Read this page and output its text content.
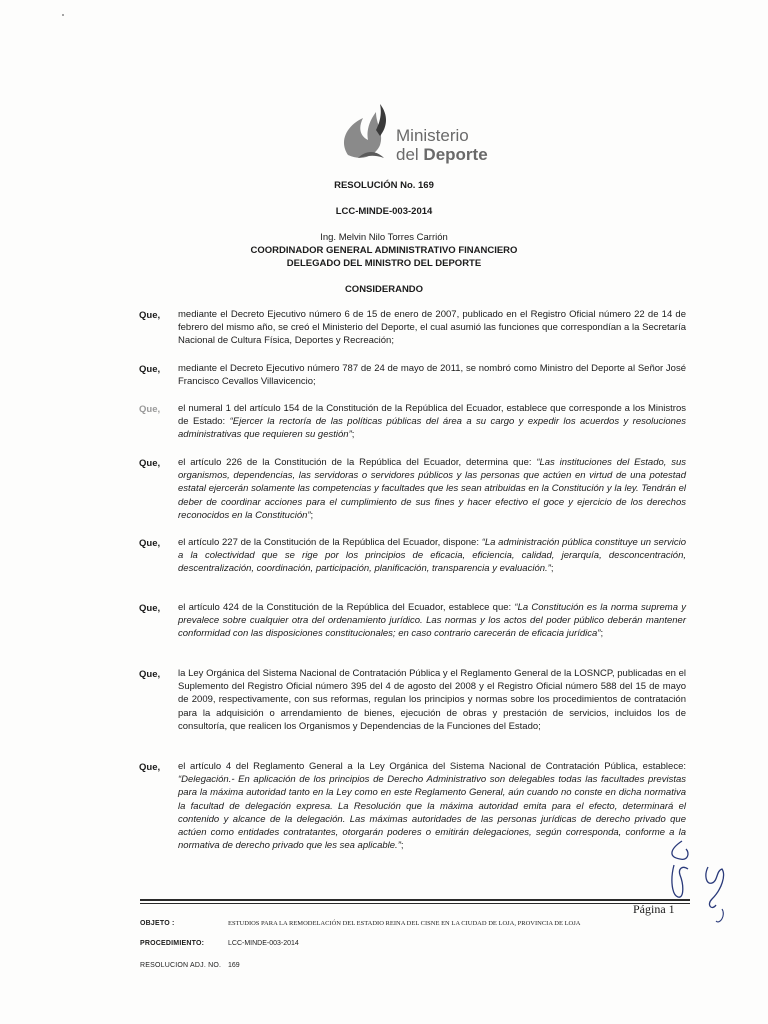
Ministerio
del Deporte
RESOLUCIÓN No. 169
LCC-MINDE-003-2014
Ing. Melvin Nilo Torres Carrión
COORDINADOR GENERAL ADMINISTRATIVO FINANCIERO
DELEGADO DEL MINISTRO DEL DEPORTE
CONSIDERANDO
Que, mediante el Decreto Ejecutivo número 6 de 15 de enero de 2007, publicado en el Registro Oficial número 22 de 14 de febrero del mismo año, se creó el Ministerio del Deporte, el cual asumió las funciones que correspondían a la Secretaría Nacional de Cultura Física, Deportes y Recreación;
Que, mediante el Decreto Ejecutivo número 787 de 24 de mayo de 2011, se nombró como Ministro del Deporte al Señor José Francisco Cevallos Villavicencio;
Que, el numeral 1 del artículo 154 de la Constitución de la República del Ecuador, establece que corresponde a los Ministros de Estado: “Ejercer la rectoría de las políticas públicas del área a su cargo y expedir los acuerdos y resoluciones administrativas que requieren su gestión”;
Que, el artículo 226 de la Constitución de la República del Ecuador, determina que: “Las instituciones del Estado, sus organismos, dependencias, las servidoras o servidores públicos y las personas que actúen en virtud de una potestad estatal ejercerán solamente las competencias y facultades que les sean atribuidas en la Constitución y la ley. Tendrán el deber de coordinar acciones para el cumplimiento de sus fines y hacer efectivo el goce y ejercicio de los derechos reconocidos en la Constitución”;
Que, el artículo 227 de la Constitución de la República del Ecuador, dispone: “La administración pública constituye un servicio a la colectividad que se rige por los principios de eficacia, eficiencia, calidad, jerarquía, desconcentración, descentralización, coordinación, participación, planificación, transparencia y evaluación.”;
Que, el artículo 424 de la Constitución de la República del Ecuador, establece que: “La Constitución es la norma suprema y prevalece sobre cualquier otra del ordenamiento jurídico. Las normas y los actos del poder público deberán mantener conformidad con las disposiciones constitucionales; en caso contrario carecerán de eficacia jurídica”;
Que, la Ley Orgánica del Sistema Nacional de Contratación Pública y el Reglamento General de la LOSNCP, publicadas en el Suplemento del Registro Oficial número 395 del 4 de agosto del 2008 y el Registro Oficial número 588 del 15 de mayo de 2009, respectivamente, con sus reformas, regulan los principios y normas sobre los procedimientos de contratación para la adquisición o arrendamiento de bienes, ejecución de obras y prestación de servicios, incluidos los de consultoría, que realicen los Organismos y Dependencias de la Funciones del Estado;
Que, el artículo 4 del Reglamento General a la Ley Orgánica del Sistema Nacional de Contratación Pública, establece: “Delegación.- En aplicación de los principios de Derecho Administrativo son delegables todas las facultades previstas para la máxima autoridad tanto en la Ley como en este Reglamento General, aún cuando no conste en dicha normativa la facultad de delegación expresa. La Resolución que la máxima autoridad emita para el efecto, determinará el contenido y alcance de la delegación. Las máximas autoridades de las personas jurídicas de derecho privado que actúen como entidades contratantes, otorgarán poderes o emitirán delegaciones, según corresponda, conforme a la normativa de derecho privado que les sea aplicable.”;
Página 1
OBJETO :	ESTUDIOS PARA LA REMODELACIÓN DEL ESTADIO REINA DEL CISNE EN LA CIUDAD DE LOJA, PROVINCIA DE LOJA
PROCEDIMIENTO:	LCC-MINDE-003-2014
RESOLUCION ADJ. NO. 169
